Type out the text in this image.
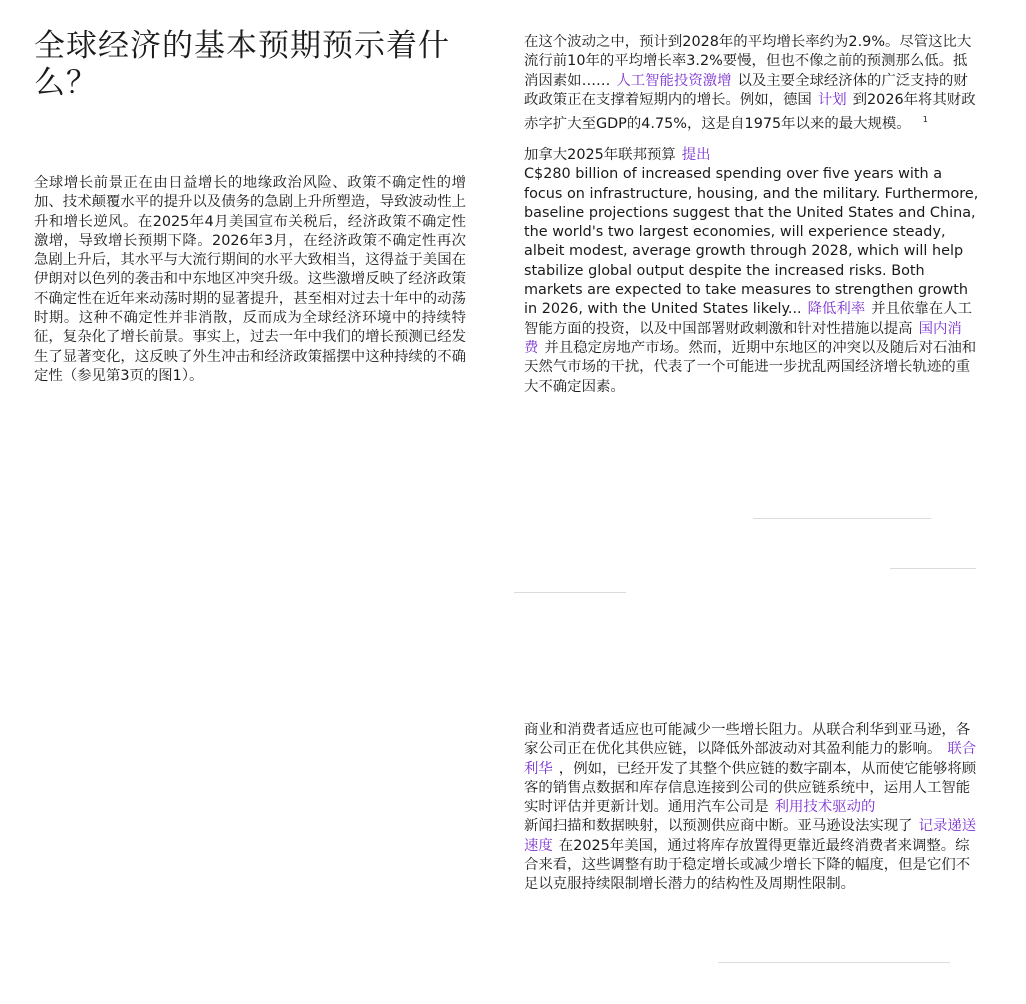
全球经济的基本预期预示着什么？

全球增长前景正在由日益增长的地缘政治风险、政策不确定性的增加、技术颠覆水平的提升以及债务的急剧上升所塑造，导致波动性上升和增长逆风。在2025年4月美国宣布关税后，经济政策不确定性激增，导致增长预期下降。2026年3月，在经济政策不确定性再次急剧上升后，其水平与大流行期间的水平大致相当，这得益于美国在伊朗对以色列的袭击和中东地区冲突升级。这些激增反映了经济政策不确定性在近年来动荡时期的显著提升，甚至相对过去十年中的动荡时期。这种不确定性并非消散，反而成为全球经济环境中的持续特征，复杂化了增长前景。事实上，过去一年中我们的增长预测已经发生了显著变化，这反映了外生冲击和经济政策摇摆中这种持续的不确定性（参见第3页的图1）。

在这个波动之中，预计到2028年的平均增长率约为2.9%。尽管这比大流行前10年的平均增长率3.2%要慢，但也不像之前的预测那么低。抵消因素如…… 人工智能投资激增 以及主要全球经济体的广泛支持的财政政策正在支撑着短期内的增长。例如，德国 计划 到2026年将其财政赤字扩大至GDP的4.75%，这是自1975年以来的最大规模。 $^1$

加拿大2025年联邦预算 提出
C$280 billion of increased spending over five years with a focus on infrastructure, housing, and the military. Furthermore, baseline projections suggest that the United States and China, the world's two largest economies, will experience steady, albeit modest, average growth through 2028, which will help stabilize global output despite the increased risks. Both markets are expected to take measures to strengthen growth in 2026, with the United States likely... 降低利率 并且依靠在人工智能方面的投资，以及中国部署财政刺激和针对性措施以提高 国内消费 并且稳定房地产市场。然而，近期中东地区的冲突以及随后对石油和天然气市场的干扰，代表了一个可能进一步扰乱两国经济增长轨迹的重大不确定因素。

商业和消费者适应也可能减少一些增长阻力。从联合利华到亚马逊，各家公司正在优化其供应链，以降低外部波动对其盈利能力的影响。 联合利华 ，例如，已经开发了其整个供应链的数字副本，从而使它能够将顾客的销售点数据和库存信息连接到公司的供应链系统中，运用人工智能实时评估并更新计划。通用汽车公司是 利用技术驱动的
新闻扫描和数据映射，以预测供应商中断。亚马逊设法实现了 记录递送速度 在2025年美国，通过将库存放置得更靠近最终消费者来调整。综合来看，这些调整有助于稳定增长或减少增长下降的幅度，但是它们不足以克服持续限制增长潜力的结构性及周期性限制。
